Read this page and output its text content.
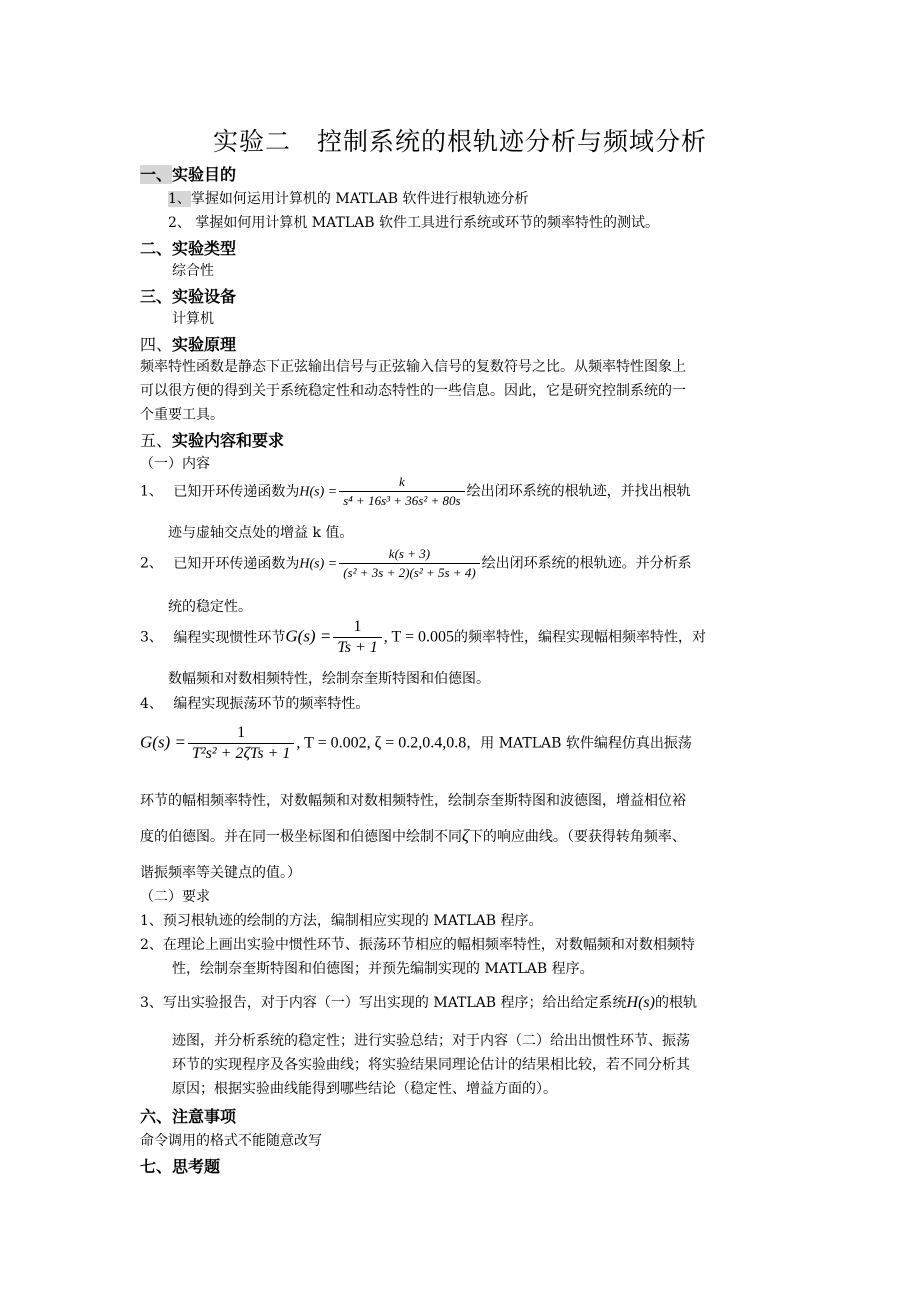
实验二　控制系统的根轨迹分析与频域分析
一、实验目的
1、掌握如何运用计算机的 MATLAB 软件进行根轨迹分析
2、 掌握如何用计算机 MATLAB 软件工具进行系统或环节的频率特性的测试。
二、实验类型
综合性
三、实验设备
计算机
四、实验原理
频率特性函数是静态下正弦输出信号与正弦输入信号的复数符号之比。从频率特性图象上
可以很方便的得到关于系统稳定性和动态特性的一些信息。因此，它是研究控制系统的一
个重要工具。
五、实验内容和要求
（一）内容
1、 已知开环传递函数为$H(s) = \frac{k}{\text{s⁴ + 16s³ + 36s² + 80s}}$ 绘出闭环系统的根轨迹，并找出根轨
迹与虚轴交点处的增益 k 值。
2、 已知开环传递函数为$H(s) = \frac{k(s + 3)}{\text{(s² + 3s + 2)(s² + 5s + 4)}}$ 绘出闭环系统的根轨迹。并分析系
统的稳定性。
3、 编程实现惯性环节$G(s) = \frac{1}{Ts + 1}$ , T = 0.005的频率特性，编程实现幅相频率特性，对
数幅频和对数相频特性，绘制奈奎斯特图和伯德图。
4、 编程实现振荡环节的频率特性。
$G(s) = \frac{1}{\text{T²s² + 2ζTs + 1}}$ , T = 0.002, ζ = 0.2,0.4,0.8，用 MATLAB 软件编程仿真出振荡
环节的幅相频率特性，对数幅频和对数相频特性，绘制奈奎斯特图和波德图，增益相位裕
度的伯德图。并在同一极坐标图和伯德图中绘制不同ζ下的响应曲线。（要获得转角频率、
谐振频率等关键点的值。）
（二）要求
1、预习根轨迹的绘制的方法，编制相应实现的 MATLAB 程序。
2、在理论上画出实验中惯性环节、振荡环节相应的幅相频率特性，对数幅频和对数相频特
性，绘制奈奎斯特图和伯德图；并预先编制实现的 MATLAB 程序。
3、写出实验报告，对于内容（一）写出实现的 MATLAB 程序；给出给定系统H(s)的根轨
迹图，并分析系统的稳定性；进行实验总结；对于内容（二）给出出惯性环节、振荡
环节的实现程序及各实验曲线；将实验结果同理论估计的结果相比较，若不同分析其
原因；根据实验曲线能得到哪些结论（稳定性、增益方面的）。
六、注意事项
命令调用的格式不能随意改写
七、思考题
